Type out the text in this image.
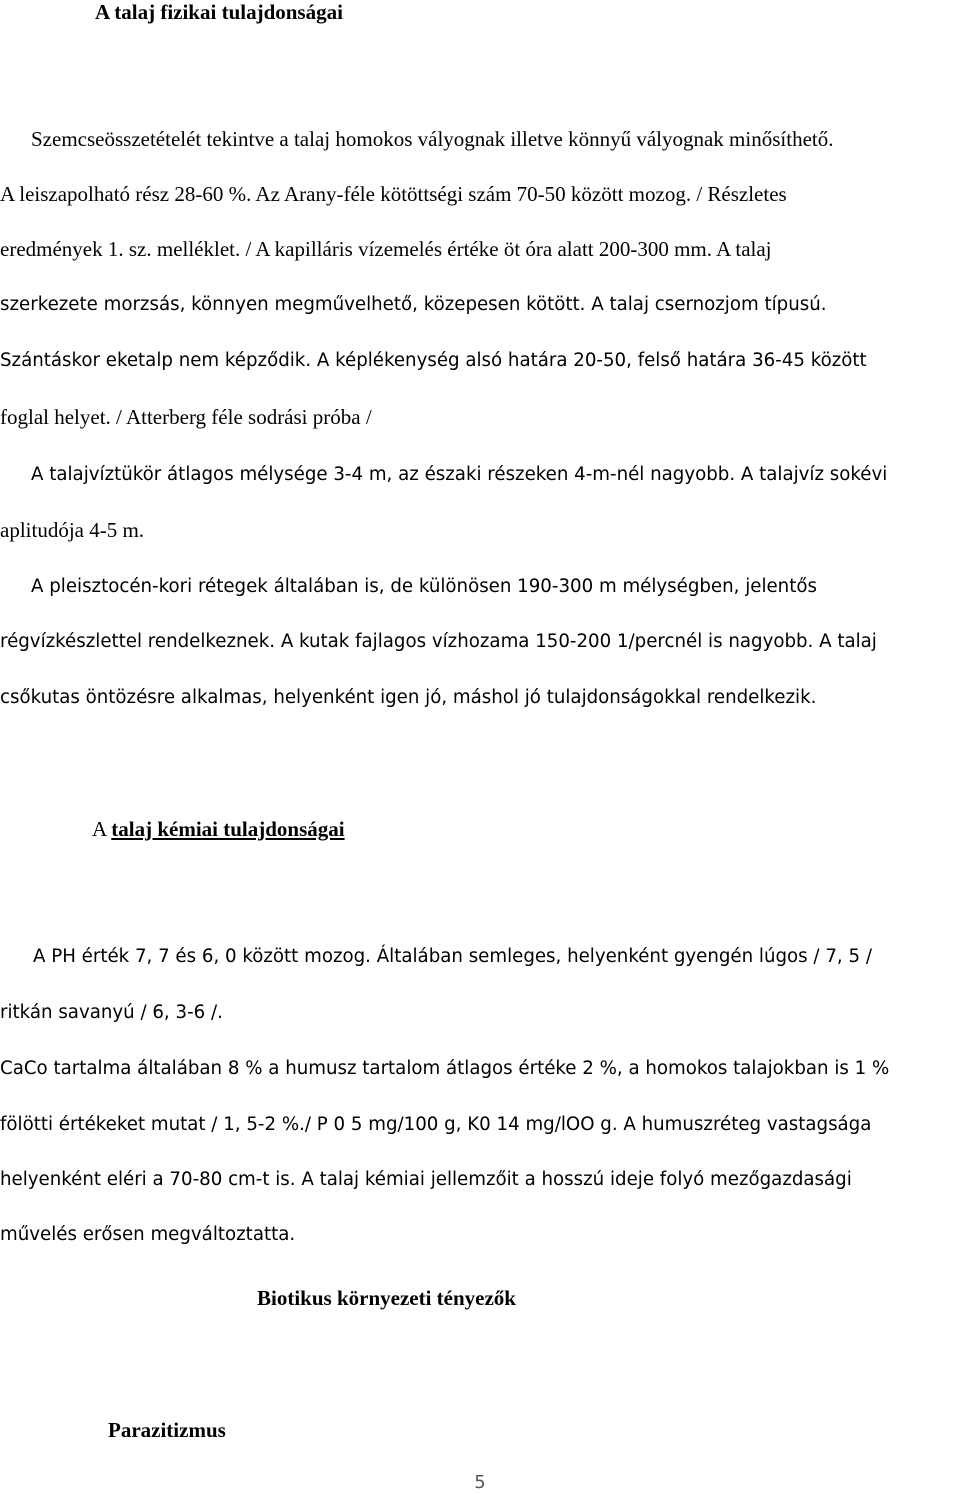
A talaj fizikai tulajdonságai

Szemcseösszetételét tekintve a talaj homokos vályognak illetve könnyű vályognak minősíthető.

A leiszapolható rész 28-60 %. Az Arany-féle kötöttségi szám 70-50 között mozog. / Részletes

eredmények 1. sz. melléklet. / A kapilláris vízemelés értéke öt óra alatt 200-300 mm. A talaj

szerkezete morzsás, könnyen megművelhető, közepesen kötött. A talaj csernozjom típusú.

Szántáskor eketalp nem képződik. A képlékenység alsó határa 20-50, felső határa 36-45 között

foglal helyet. / Atterberg féle sodrási próba /

A talajvíztükör átlagos mélysége 3-4 m, az északi részeken 4-m-nél nagyobb. A talajvíz sokévi

aplitudója 4-5 m.

A pleisztocén-kori rétegek általában is, de különösen 190-300 m mélységben, jelentős

régvízkészlettel rendelkeznek. A kutak fajlagos vízhozama 150-200 1/percnél is nagyobb. A talaj

csőkutas öntözésre alkalmas, helyenként igen jó, máshol jó tulajdonságokkal rendelkezik.

A talaj kémiai tulajdonságai

A PH érték 7, 7 és 6, 0 között mozog. Általában semleges, helyenként gyengén lúgos / 7, 5 /

ritkán savanyú / 6, 3-6 /.

CaCo tartalma általában 8 % a humusz tartalom átlagos értéke 2 %, a homokos talajokban is 1 %

fölötti értékeket mutat / 1, 5-2 %./ P 0 5 mg/100 g, K0 14 mg/lOO g. A humuszréteg vastagsága

helyenként eléri a 70-80 cm-t is. A talaj kémiai jellemzőit a hosszú ideje folyó mezőgazdasági

művelés erősen megváltoztatta.

Biotikus környezeti tényezők
Parazitizmus
5
